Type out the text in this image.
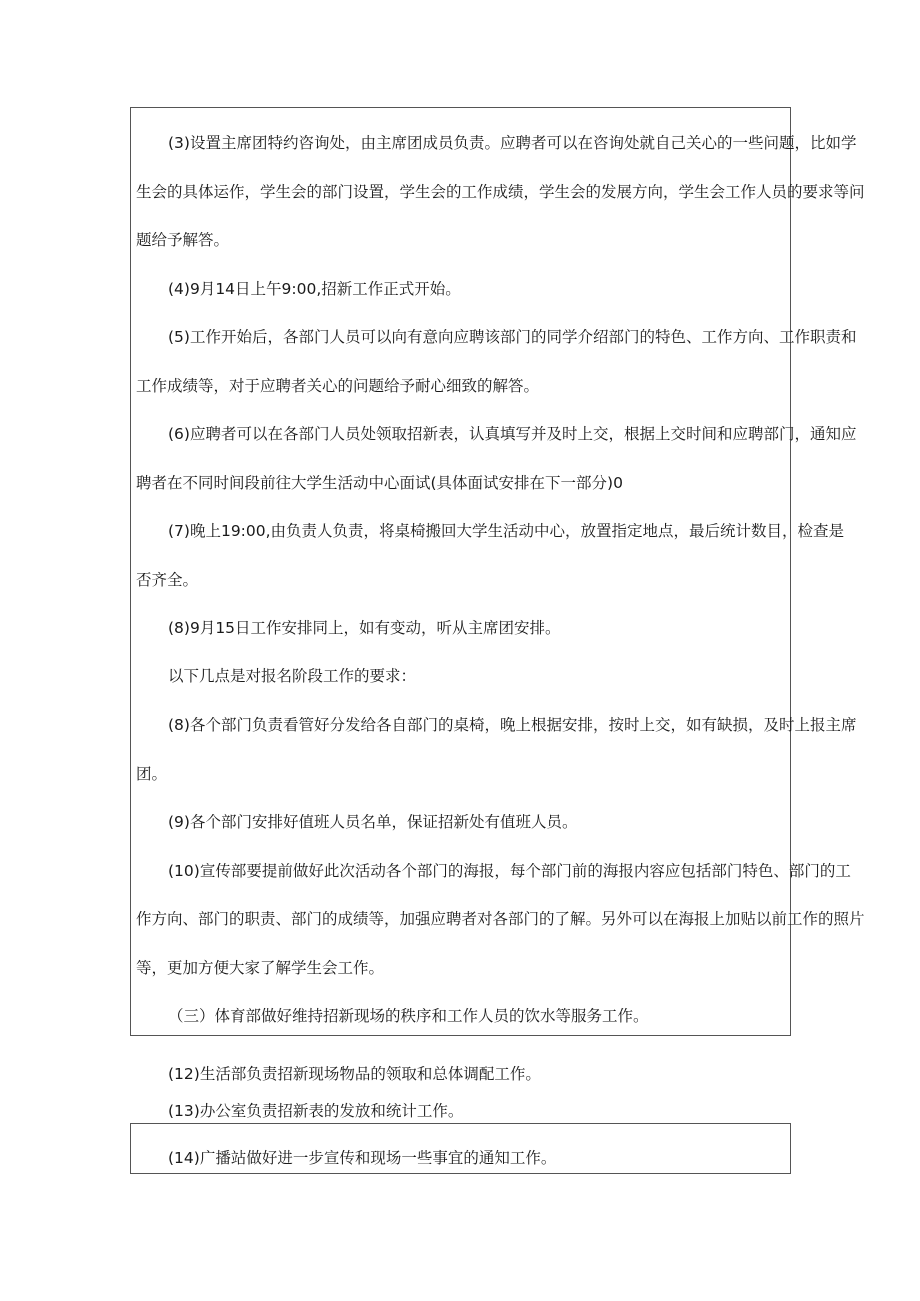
(3)设置主席团特约咨询处，由主席团成员负责。应聘者可以在咨询处就自己关心的一些问题，比如学
生会的具体运作，学生会的部门设置，学生会的工作成绩，学生会的发展方向，学生会工作人员的要求等问
题给予解答。
(4)9月14日上午9:00,招新工作正式开始。
(5)工作开始后，各部门人员可以向有意向应聘该部门的同学介绍部门的特色、工作方向、工作职责和
工作成绩等，对于应聘者关心的问题给予耐心细致的解答。
(6)应聘者可以在各部门人员处领取招新表，认真填写并及时上交，根据上交时间和应聘部门，通知应
聘者在不同时间段前往大学生活动中心面试(具体面试安排在下一部分)0
(7)晚上19:00,由负责人负责，将桌椅搬回大学生活动中心，放置指定地点，最后统计数目，检查是
否齐全。
(8)9月15日工作安排同上，如有变动，听从主席团安排。
以下几点是对报名阶段工作的要求：
(8)各个部门负责看管好分发给各自部门的桌椅，晚上根据安排，按时上交，如有缺损，及时上报主席
团。
(9)各个部门安排好值班人员名单，保证招新处有值班人员。
(10)宣传部要提前做好此次活动各个部门的海报，每个部门前的海报内容应包括部门特色、部门的工
作方向、部门的职责、部门的成绩等，加强应聘者对各部门的了解。另外可以在海报上加贴以前工作的照片
等，更加方便大家了解学生会工作。
（三）体育部做好维持招新现场的秩序和工作人员的饮水等服务工作。
(12)生活部负责招新现场物品的领取和总体调配工作。
(13)办公室负责招新表的发放和统计工作。
(14)广播站做好进一步宣传和现场一些事宜的通知工作。
